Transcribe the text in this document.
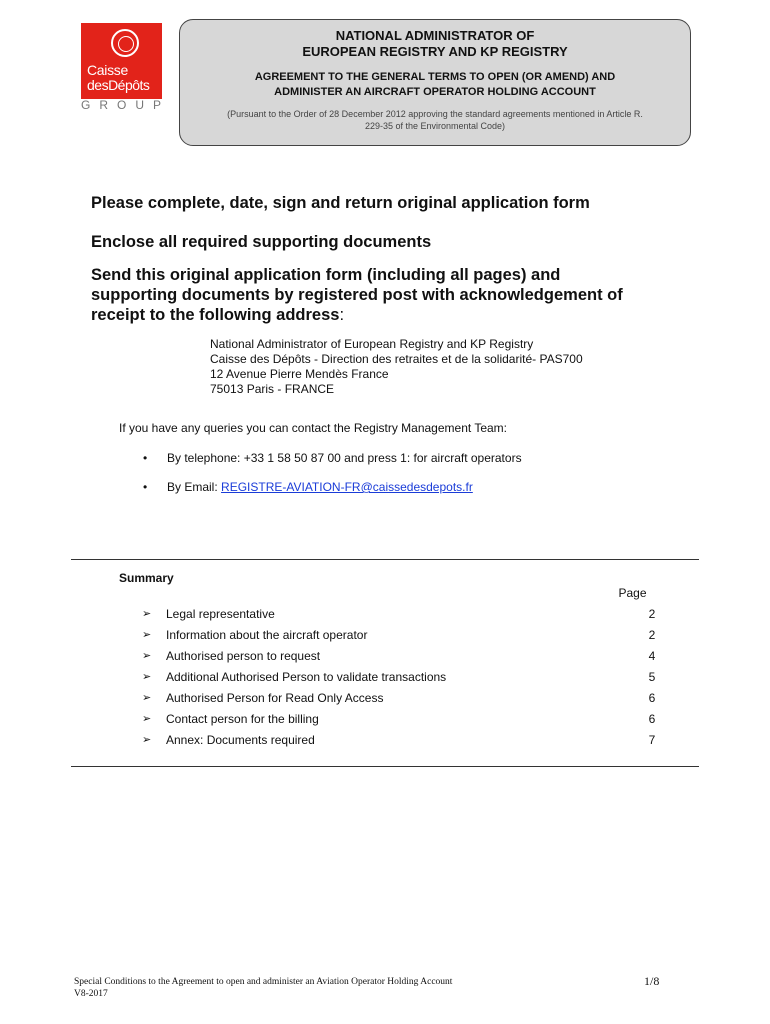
Caisse
desDépôts
GROUP
NATIONAL ADMINISTRATOR OF
EUROPEAN REGISTRY AND KP REGISTRY
AGREEMENT TO THE GENERAL TERMS TO OPEN (OR AMEND) AND
ADMINISTER AN AIRCRAFT OPERATOR HOLDING ACCOUNT
(Pursuant to the Order of 28 December 2012 approving the standard agreements mentioned in Article R.
229-35 of the Environmental Code)
Please complete, date, sign and return original application form
Enclose all required supporting documents
Send this original application form (including all pages) and
supporting documents by registered post with acknowledgement of
receipt to the following address:
National Administrator of European Registry and KP Registry
Caisse des Dépôts - Direction des retraites et de la solidarité- PAS700
12 Avenue Pierre Mendès France
75013 Paris - FRANCE
If you have any queries you can contact the Registry Management Team:
• By telephone: +33 1 58 50 87 00 and press 1: for aircraft operators
• By Email: REGISTRE-AVIATION-FR@caissedesdepots.fr
Summary
Page
➢	Legal representative	2
➢	Information about the aircraft operator	2
➢	Authorised person to request	4
➢	Additional Authorised Person to validate transactions	5
➢	Authorised Person for Read Only Access	6
➢	Contact person for the billing	6
➢	Annex: Documents required	7
Special Conditions to the Agreement to open and administer an Aviation Operator Holding Account
V8-2017
1/8
